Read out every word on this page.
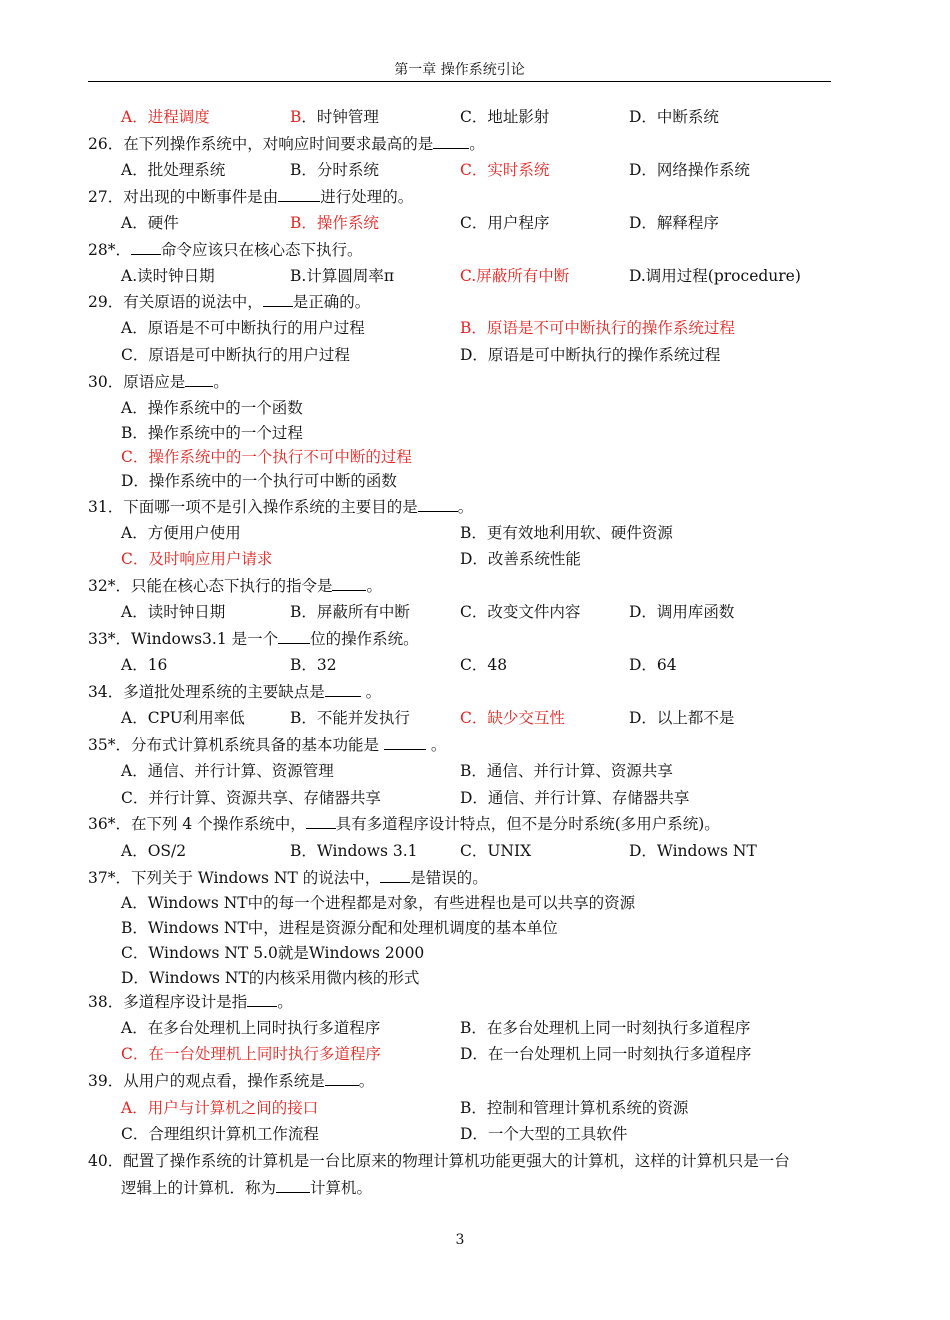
第一章 操作系统引论
A．进程调度	B．时钟管理	C．地址影射	D．中断系统
26．在下列操作系统中，对响应时间要求最高的是 。
A．批处理系统	B．分时系统	C．实时系统	D．网络操作系统
27．对出现的中断事件是由	进行处理的。
A．硬件	B．操作系统	C．用户程序	D．解释程序
28*． 命令应该只在核心态下执行。
A.读时钟日期	B.计算圆周率π	C.屏蔽所有中断	D.调用过程(procedure)
29．有关原语的说法中， 是正确的。
A．原语是不可中断执行的用户过程	B．原语是不可中断执行的操作系统过程
C．原语是可中断执行的用户过程	D．原语是可中断执行的操作系统过程
30．原语应是 。
A．操作系统中的一个函数
B．操作系统中的一个过程
C．操作系统中的一个执行不可中断的过程
D．操作系统中的一个执行可中断的函数
31．下面哪一项不是引入操作系统的主要目的是	。
A．方便用户使用	B．更有效地利用软、硬件资源
C．及时响应用户请求	D．改善系统性能
32*．只能在核心态下执行的指令是 。
A．读时钟日期	B．屏蔽所有中断	C．改变文件内容	D．调用库函数
33*．Windows3.1 是一个 位的操作系统。
A．16	B．32	C．48	D．64
34．多道批处理系统的主要缺点是 。
A．CPU利用率低	B．不能并发执行	C．缺少交互性	D．以上都不是
35*．分布式计算机系统具备的基本功能是	。
A．通信、并行计算、资源管理	B．通信、并行计算、资源共享
C．并行计算、资源共享、存储器共享	D．通信、并行计算、存储器共享
36*．在下列 4 个操作系统中， 具有多道程序设计特点，但不是分时系统(多用户系统)。
A．OS/2	B．Windows 3.1	C．UNIX	D．Windows NT
37*．下列关于 Windows NT 的说法中， 是错误的。
A．Windows NT中的每一个进程都是对象，有些进程也是可以共享的资源
B．Windows NT中，进程是资源分配和处理机调度的基本单位
C．Windows NT 5.0就是Windows 2000
D．Windows NT的内核采用微内核的形式
38．多道程序设计是指 。
A．在多台处理机上同时执行多道程序	B．在多台处理机上同一时刻执行多道程序
C．在一台处理机上同时执行多道程序	D．在一台处理机上同一时刻执行多道程序
39．从用户的观点看，操作系统是 。
A．用户与计算机之间的接口	B．控制和管理计算机系统的资源
C．合理组织计算机工作流程	D．一个大型的工具软件
40．配置了操作系统的计算机是一台比原来的物理计算机功能更强大的计算机，这样的计算机只是一台
逻辑上的计算机．称为 计算机。
3
